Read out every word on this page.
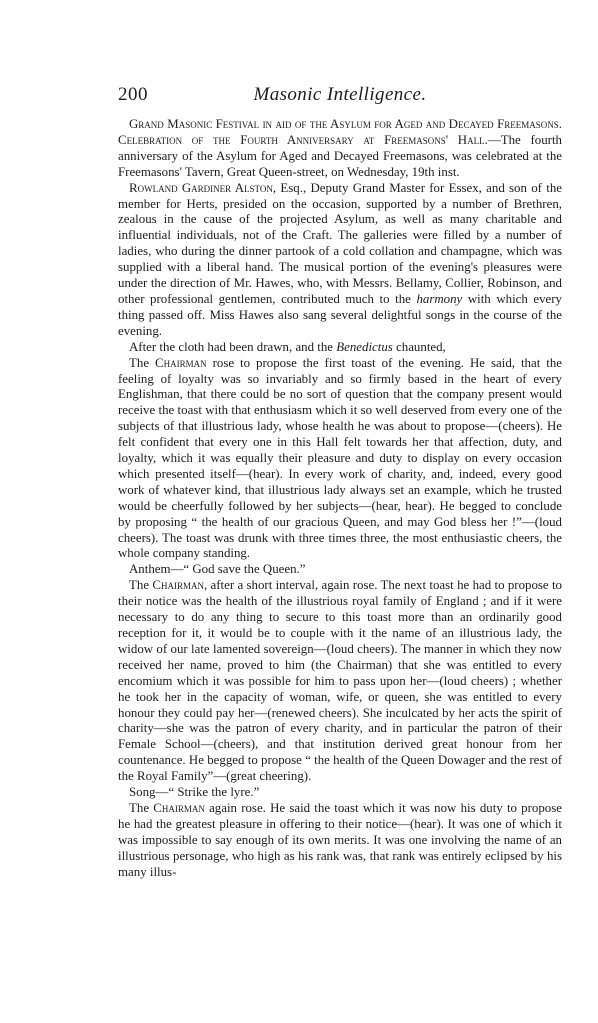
200	Masonic Intelligence.

Grand Masonic Festival in aid of the Asylum for Aged and Decayed Freemasons. Celebration of the Fourth Anniversary at Freemasons' Hall.—The fourth anniversary of the Asylum for Aged and Decayed Freemasons, was celebrated at the Freemasons' Tavern, Great Queen-street, on Wednesday, 19th inst.

Rowland Gardiner Alston, Esq., Deputy Grand Master for Essex, and son of the member for Herts, presided on the occasion, supported by a number of Brethren, zealous in the cause of the projected Asylum, as well as many charitable and influential individuals, not of the Craft. The galleries were filled by a number of ladies, who during the dinner partook of a cold collation and champagne, which was supplied with a liberal hand. The musical portion of the evening's pleasures were under the direction of Mr. Hawes, who, with Messrs. Bellamy, Collier, Robinson, and other professional gentlemen, contributed much to the harmony with which every thing passed off. Miss Hawes also sang several delightful songs in the course of the evening.

After the cloth had been drawn, and the Benedictus chaunted,

The Chairman rose to propose the first toast of the evening. He said, that the feeling of loyalty was so invariably and so firmly based in the heart of every Englishman, that there could be no sort of question that the company present would receive the toast with that enthusiasm which it so well deserved from every one of the subjects of that illustrious lady, whose health he was about to propose—(cheers). He felt confident that every one in this Hall felt towards her that affection, duty, and loyalty, which it was equally their pleasure and duty to display on every occasion which presented itself—(hear). In every work of charity, and, indeed, every good work of whatever kind, that illustrious lady always set an example, which he trusted would be cheerfully followed by her subjects—(hear, hear). He begged to conclude by proposing “ the health of our gracious Queen, and may God bless her !”—(loud cheers). The toast was drunk with three times three, the most enthusiastic cheers, the whole company standing.

Anthem—“ God save the Queen.”

The Chairman, after a short interval, again rose. The next toast he had to propose to their notice was the health of the illustrious royal family of England ; and if it were necessary to do any thing to secure to this toast more than an ordinarily good reception for it, it would be to couple with it the name of an illustrious lady, the widow of our late lamented sovereign—(loud cheers). The manner in which they now received her name, proved to him (the Chairman) that she was entitled to every encomium which it was possible for him to pass upon her—(loud cheers) ; whether he took her in the capacity of woman, wife, or queen, she was entitled to every honour they could pay her—(renewed cheers). She inculcated by her acts the spirit of charity—she was the patron of every charity, and in particular the patron of their Female School—(cheers), and that institution derived great honour from her countenance. He begged to propose “ the health of the Queen Dowager and the rest of the Royal Family”—(great cheering).

Song—“ Strike the lyre.”

The Chairman again rose. He said the toast which it was now his duty to propose he had the greatest pleasure in offering to their notice—(hear). It was one of which it was impossible to say enough of its own merits. It was one involving the name of an illustrious personage, who high as his rank was, that rank was entirely eclipsed by his many illus-
